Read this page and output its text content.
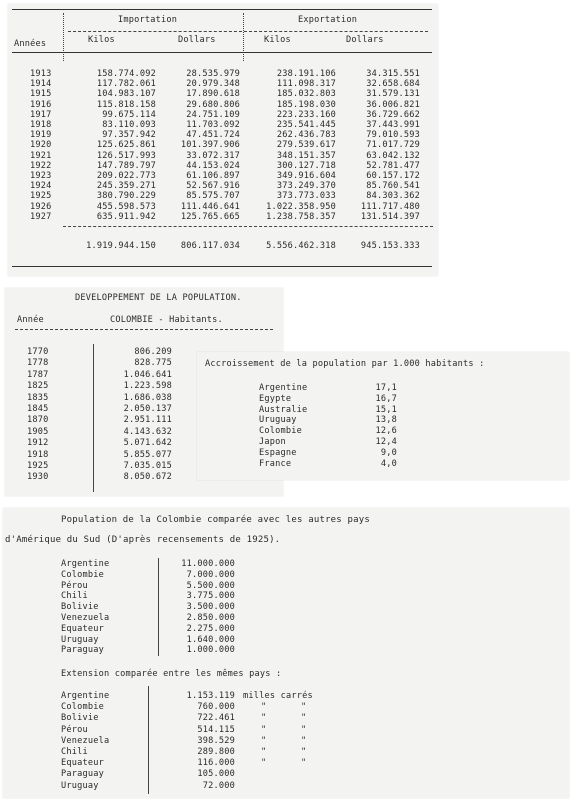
Années
Importation	Exportation
Kilos	Dollars	Kilos	Dollars
1913	158.774.092	28.535.979	238.191.106	34.315.551
1914	117.782.061	20.979.348	111.098.317	32.658.684
1915	104.983.107	17.890.618	185.032.803	31.579.131
1916	115.818.158	29.680.806	185.198.030	36.006.821
1917	99.675.114	24.751.109	223.233.160	36.729.662
1918	83.110.093	11.703.092	235.541.445	37.443.991
1919	97.357.942	47.451.724	262.436.783	79.010.593
1920	125.625.861	101.397.906	279.539.617	71.017.729
1921	126.517.993	33.072.317	348.151.357	63.042.132
1922	147.789.797	44.153.024	300.127.718	52.781.477
1923	209.022.773	61.106.897	349.916.604	60.157.172
1924	245.359.271	52.567.916	373.249.370	85.760.541
1925	380.790.229	85.575.707	373.773.033	84.303.362
1926	455.598.573	111.446.641	1.022.358.950	111.717.480
1927	635.911.942	125.765.665	1.238.758.357	131.514.397
1.919.944.150	806.117.034	5.556.462.318	945.153.333
DEVELOPPEMENT DE LA POPULATION.
Année	COLOMBIE - Habitants.
1770	806.209
1778	828.775
1787	1.046.641
1825	1.223.598
1835	1.686.038
1845	2.050.137
1870	2.951.111
1905	4.143.632
1912	5.071.642
1918	5.855.077
1925	7.035.015
1930	8.050.672
Accroissement de la population par 1.000 habitants :
Argentine	17,1
Egypte	16,7
Australie	15,1
Uruguay	13,8
Colombie	12,6
Japon	12,4
Espagne	9,0
France	4,0
Population de la Colombie comparée avec les autres pays
d'Amérique du Sud (D'après recensements de 1925).
Argentine	11.000.000
Colombie	7.000.000
Pérou	5.500.000
Chili	3.775.000
Bolivie	3.500.000
Venezuela	2.850.000
Equateur	2.275.000
Uruguay	1.640.000
Paraguay	1.000.000
Extension comparée entre les mêmes pays :
Argentine	1.153.119 milles carrés
Colombie	760.000	"	"
Bolivie	722.461	"	"
Pérou	514.115	"	"
Venezuela	398.529	"	"
Chili	289.800	"	"
Equateur	116.000	"	"
Paraguay	105.000
Uruguay	72.000
